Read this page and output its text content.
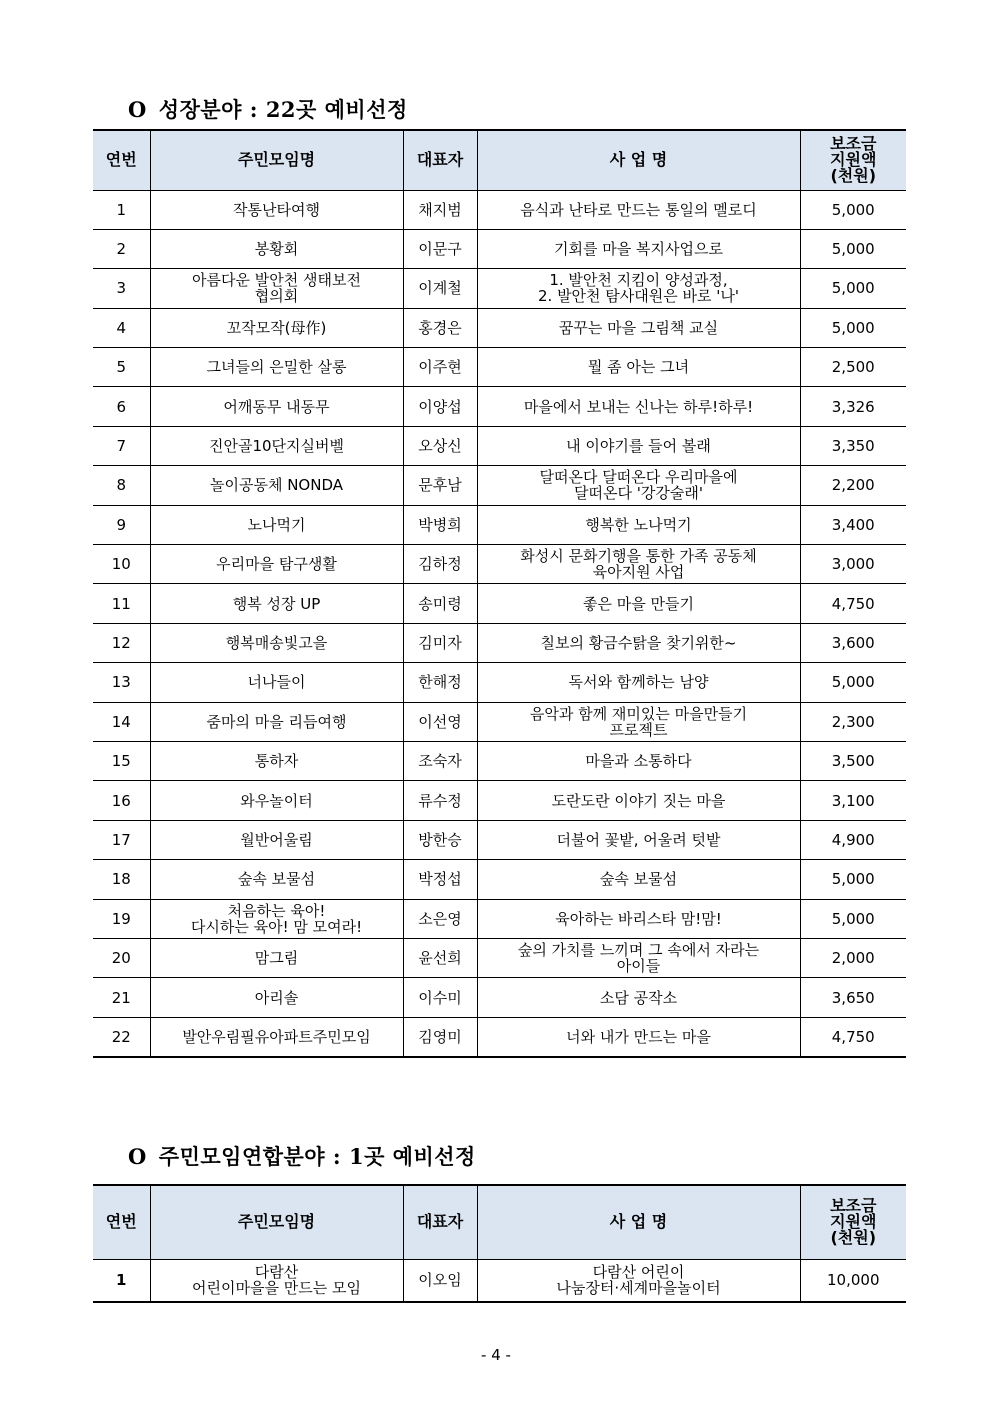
O 성장분야 : 22곳 예비선정
연번	주민모임명	대표자	사 업 명	보조금
지원액
(천원)

1	작통난타여행	채지범	음식과 난타로 만드는 통일의 멜로디	5,000

2	봉황회	이문구	기회를 마을 복지사업으로	5,000

3	아름다운 발안천 생태보전
협의회	이계철	1. 발안천 지킴이 양성과정,
2. 발안천 탐사대원은 바로 '나'	5,000

4	꼬작모작(母作)	홍경은	꿈꾸는 마을 그림책 교실	5,000

5	그녀들의 은밀한 살롱	이주현	뭘 좀 아는 그녀	2,500

6	어깨동무 내동무	이양섭	마을에서 보내는 신나는 하루!하루!	3,326

7	진안골10단지실버벨	오상신	내 이야기를 들어 볼래	3,350

8	놀이공동체 NONDA	문후남	달떠온다 달떠온다 우리마을에
달떠온다 '강강술래'	2,200

9	노나먹기	박병희	행복한 노나먹기	3,400

10	우리마을 탐구생활	김하정	화성시 문화기행을 통한 가족 공동체
육아지원 사업	3,000

11	행복 성장 UP	송미령	좋은 마을 만들기	4,750

12	행복매송빛고을	김미자	칠보의 황금수탉을 찾기위한~	3,600

13	너나들이	한해정	독서와 함께하는 남양	5,000

14	줌마의 마을 리듬여행	이선영	음악과 함께 재미있는 마을만들기
프로젝트	2,300

15	통하자	조숙자	마을과 소통하다	3,500

16	와우놀이터	류수정	도란도란 이야기 짓는 마을	3,100

17	월반어울림	방한승	더불어 꽃밭, 어울려 텃밭	4,900

18	숲속 보물섬	박정섭	숲속 보물섬	5,000

19	처음하는 육아!
다시하는 육아! 맘 모여라!	소은영	육아하는 바리스타 맘!맘!	5,000

20	맘그림	윤선희	숲의 가치를 느끼며 그 속에서 자라는
아이들	2,000

21	아리솔	이수미	소담 공작소	3,650

22	발안우림필유아파트주민모임	김영미	너와 내가 만드는 마을	4,750
O 주민모임연합분야 : 1곳 예비선정
연번	주민모임명	대표자	사 업 명	보조금
지원액
(천원)

1	다람산
어린이마을을 만드는 모임	이오임	다람산 어린이
나눔장터·세계마을놀이터	10,000
- 4 -
